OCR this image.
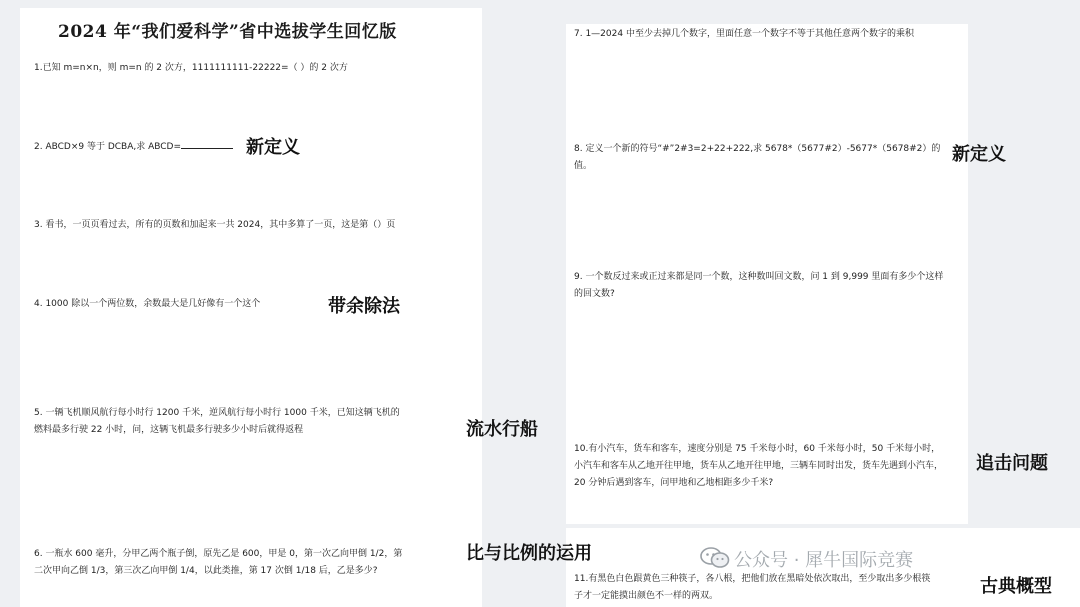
2024 年“我们爱科学”省中选拔学生回忆版
1.已知 m=n×n，则 m=n 的 2 次方，1111111111-22222=（ ）的 2 次方
2. ABCD×9 等于 DCBA,求 ABCD=
3. 看书，一页页看过去，所有的页数和加起来一共 2024，其中多算了一页，这是第（）页
4. 1000 除以一个两位数，余数最大是几好像有一个这个
5. 一辆飞机顺风航行每小时行 1200 千米，逆风航行每小时行 1000 千米，已知这辆飞机的
燃料最多行驶 22 小时，问，这辆飞机最多行驶多少小时后就得返程
6. 一瓶水 600 毫升，分甲乙两个瓶子倒，原先乙是 600，甲是 0，第一次乙向甲倒 1/2，第
二次甲向乙倒 1/3，第三次乙向甲倒 1/4，以此类推，第 17 次倒 1/18 后，乙是多少?
7. 1—2024 中至少去掉几个数字，里面任意一个数字不等于其他任意两个数字的乘积
8. 定义一个新的符号“#”2#3=2+22+222,求 5678*（5677#2）-5677*（5678#2）的值。
9. 一个数反过来或正过来都是同一个数，这种数叫回文数，问 1 到 9,999 里面有多少个这样
的回文数?
10.有小汽车，货车和客车，速度分别是 75 千米每小时，60 千米每小时，50 千米每小时，
小汽车和客车从乙地开往甲地，货车从乙地开往甲地，三辆车同时出发，货车先遇到小汽车，
20 分钟后遇到客车，问甲地和乙地相距多少千米?
11.有黑色白色跟黄色三种筷子，各八根，把他们放在黑暗处依次取出，至少取出多少根筷
子才一定能摸出颜色不一样的两双。
新定义
带余除法
流水行船
比与比例的运用
新定义
追击问题
古典概型
公众号 · 犀牛国际竞赛
